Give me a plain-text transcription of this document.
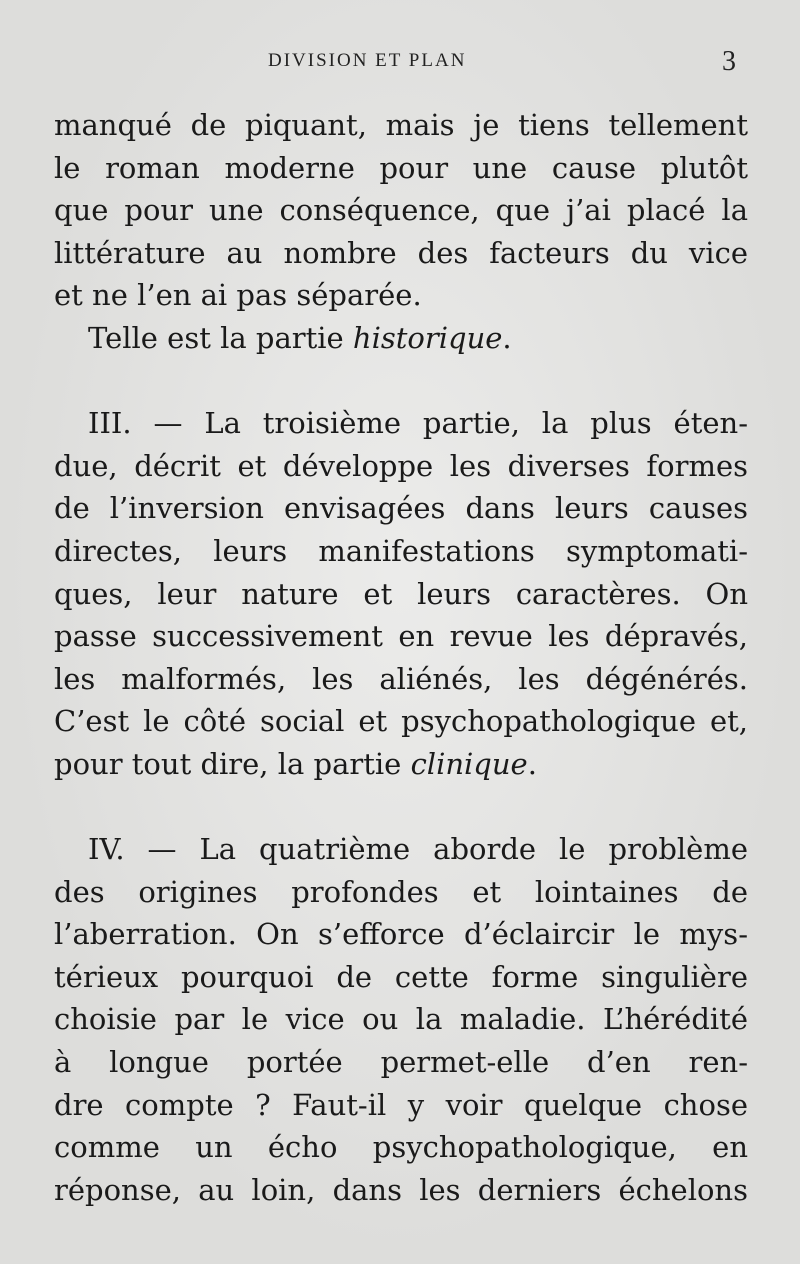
DIVISION ET PLAN	3
manqué de piquant, mais je tiens tellement
le roman moderne pour une cause plutôt
que pour une conséquence, que j’ai placé la
littérature au nombre des facteurs du vice
et ne l’en ai pas séparée.
Telle est la partie historique.
III. — La troisième partie, la plus éten-
due, décrit et développe les diverses formes
de l’inversion envisagées dans leurs causes
directes, leurs manifestations symptomati-
ques, leur nature et leurs caractères. On
passe successivement en revue les dépravés,
les malformés, les aliénés, les dégénérés.
C’est le côté social et psychopathologique et,
pour tout dire, la partie clinique.
IV. — La quatrième aborde le problème
des origines profondes et lointaines de
l’aberration. On s’efforce d’éclaircir le mys-
térieux pourquoi de cette forme singulière
choisie par le vice ou la maladie. L’hérédité
à longue portée permet-elle d’en ren-
dre compte ? Faut-il y voir quelque chose
comme un écho psychopathologique, en
réponse, au loin, dans les derniers échelons
